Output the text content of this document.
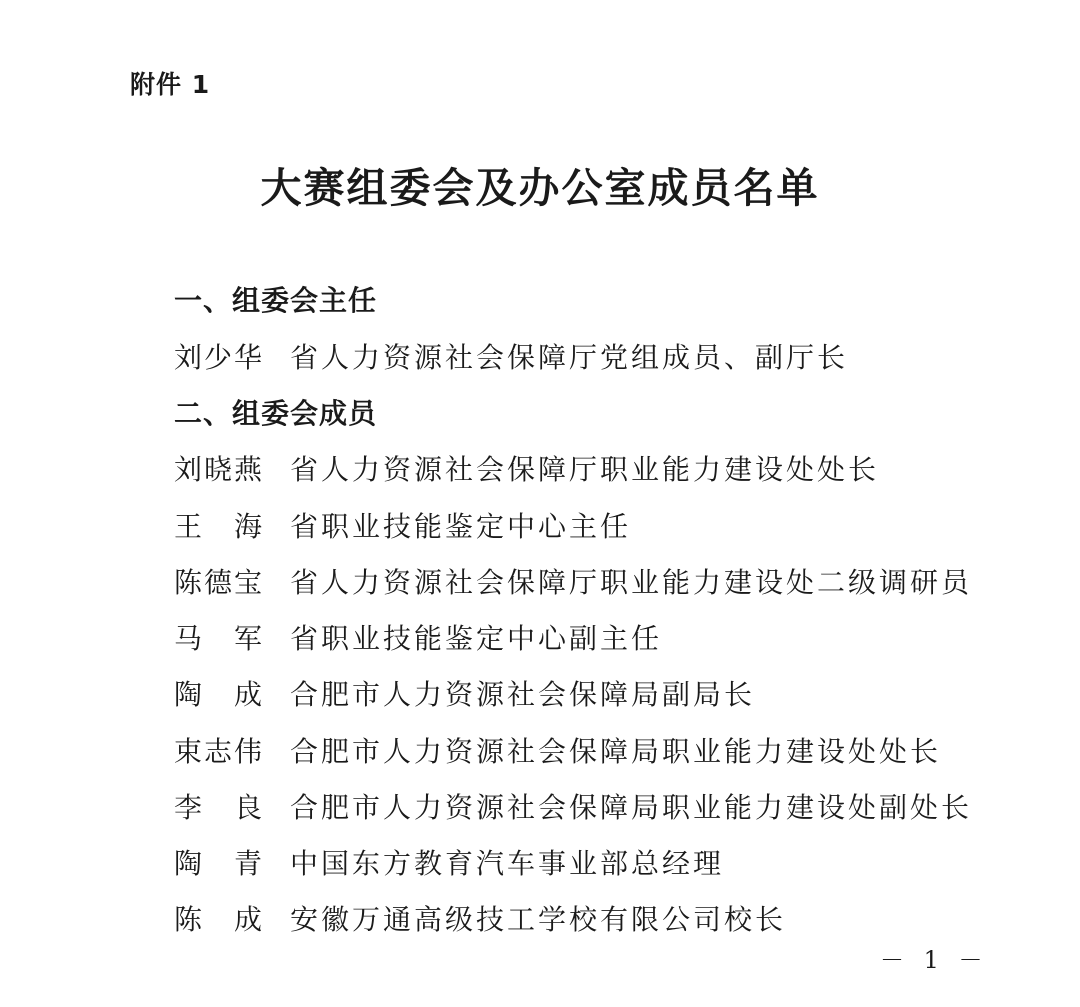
附件 1
大赛组委会及办公室成员名单
一、组委会主任
刘少华 省人力资源社会保障厅党组成员、副厅长
二、组委会成员
刘晓燕 省人力资源社会保障厅职业能力建设处处长
王　海 省职业技能鉴定中心主任
陈德宝 省人力资源社会保障厅职业能力建设处二级调研员
马　军 省职业技能鉴定中心副主任
陶　成 合肥市人力资源社会保障局副局长
束志伟 合肥市人力资源社会保障局职业能力建设处处长
李　良 合肥市人力资源社会保障局职业能力建设处副处长
陶　青 中国东方教育汽车事业部总经理
陈　成 安徽万通高级技工学校有限公司校长
－ 1 －
